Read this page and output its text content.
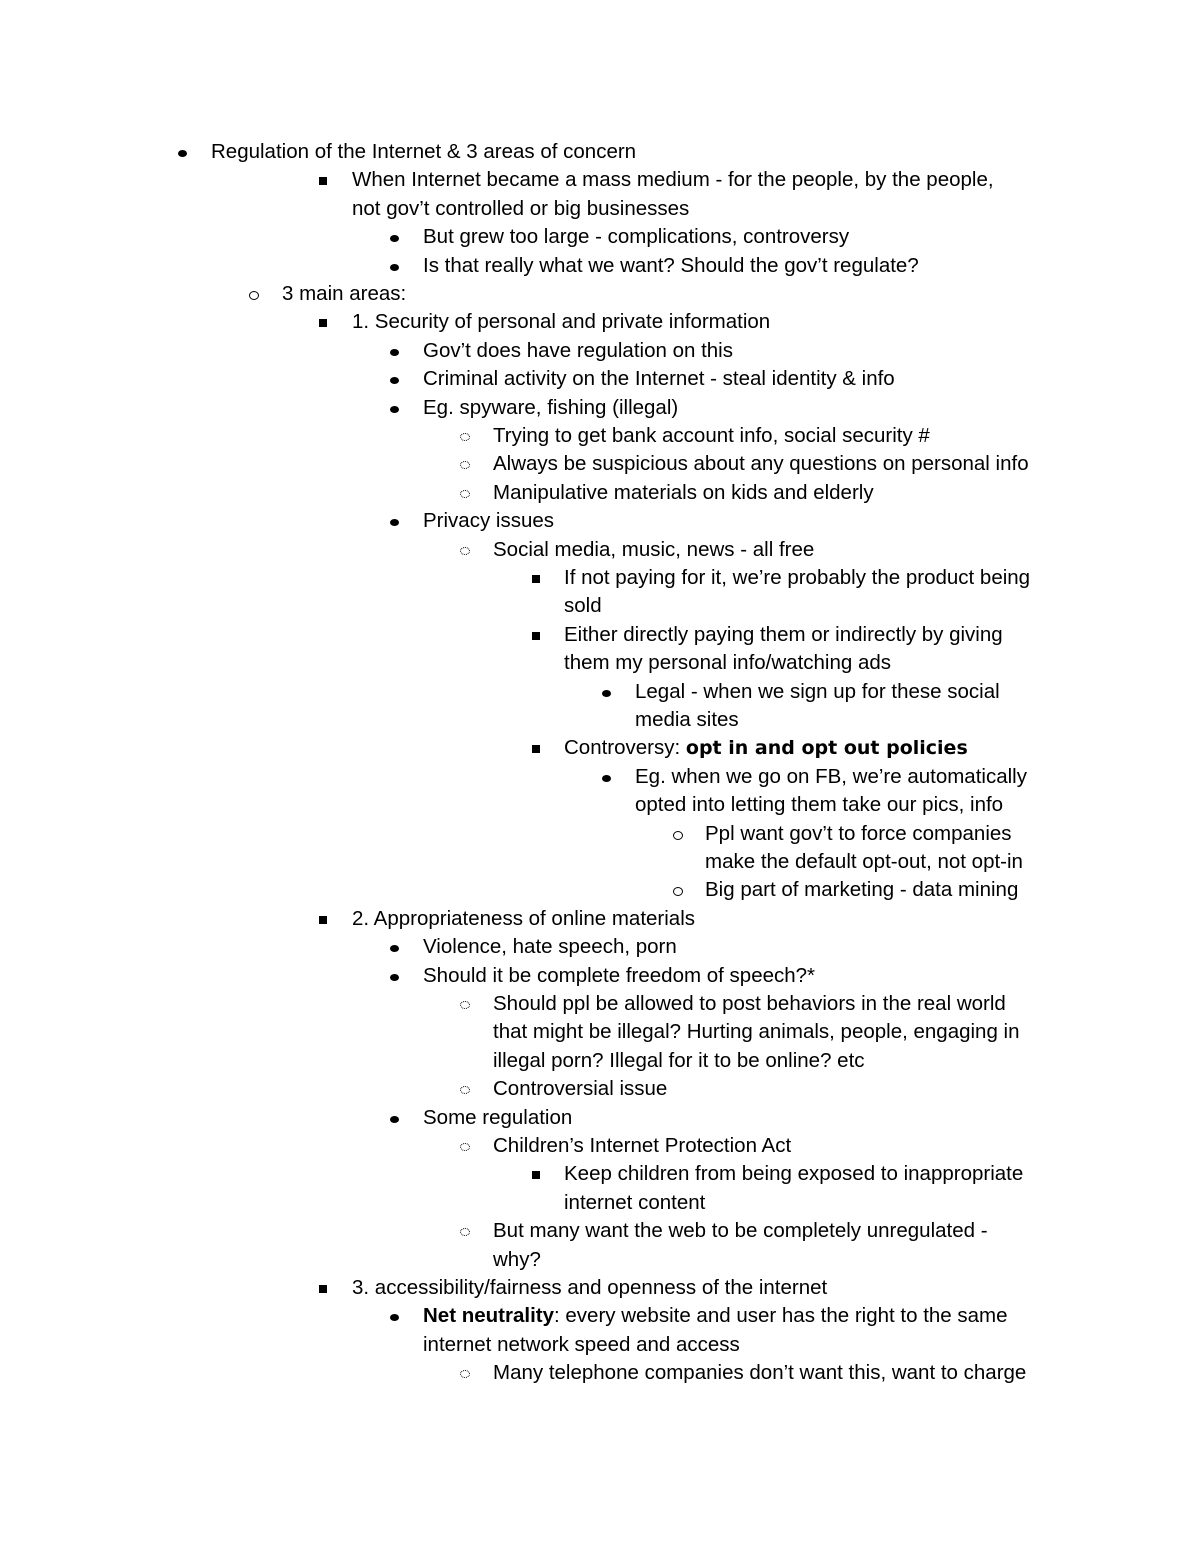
Regulation of the Internet & 3 areas of concern
When Internet became a mass medium - for the people, by the people,
not gov’t controlled or big businesses
But grew too large - complications, controversy
Is that really what we want? Should the gov’t regulate?
3 main areas:
1. Security of personal and private information
Gov’t does have regulation on this
Criminal activity on the Internet - steal identity & info
Eg. spyware, fishing (illegal)
Trying to get bank account info, social security #
Always be suspicious about any questions on personal info
Manipulative materials on kids and elderly
Privacy issues
Social media, music, news - all free
If not paying for it, we’re probably the product being
sold
Either directly paying them or indirectly by giving
them my personal info/watching ads
Legal - when we sign up for these social
media sites
Controversy: opt in and opt out policies
Eg. when we go on FB, we’re automatically
opted into letting them take our pics, info
Ppl want gov’t to force companies
make the default opt-out, not opt-in
Big part of marketing - data mining
2. Appropriateness of online materials
Violence, hate speech, porn
Should it be complete freedom of speech?*
Should ppl be allowed to post behaviors in the real world
that might be illegal? Hurting animals, people, engaging in
illegal porn? Illegal for it to be online? etc
Controversial issue
Some regulation
Children’s Internet Protection Act
Keep children from being exposed to inappropriate
internet content
But many want the web to be completely unregulated -
why?
3. accessibility/fairness and openness of the internet
Net neutrality: every website and user has the right to the same
internet network speed and access
Many telephone companies don’t want this, want to charge
